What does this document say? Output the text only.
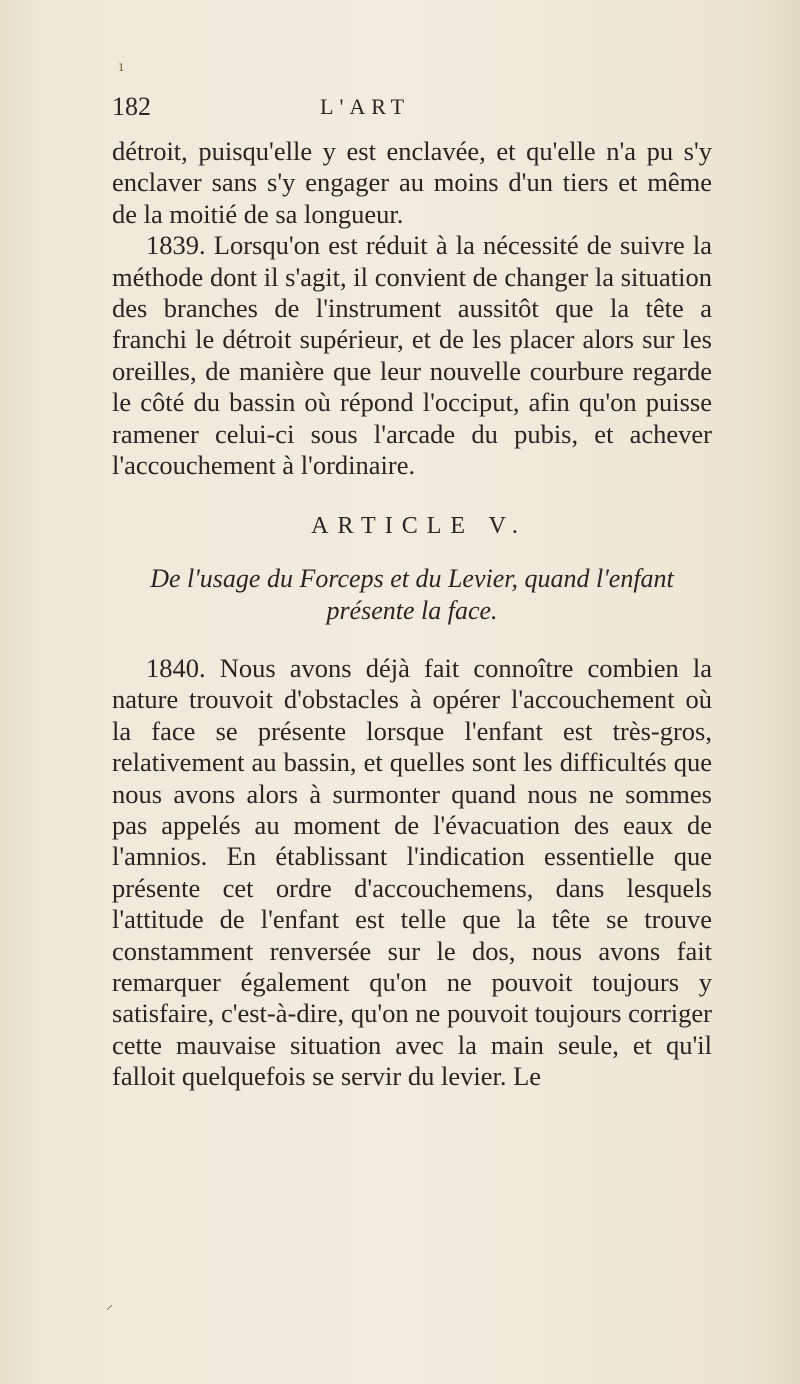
ı
182	L'ART

détroit, puisqu'elle y est enclavée, et qu'elle n'a pu s'y enclaver sans s'y engager au moins d'un tiers et même de la moitié de sa longueur.

1839. Lorsqu'on est réduit à la nécessité de suivre la méthode dont il s'agit, il convient de changer la situation des branches de l'instrument aussitôt que la tête a franchi le détroit supérieur, et de les placer alors sur les oreilles, de manière que leur nouvelle courbure regarde le côté du bassin où répond l'occiput, afin qu'on puisse ramener celui-ci sous l'arcade du pubis, et achever l'accouchement à l'ordinaire.

ARTICLE V.
De l'usage du Forceps et du Levier, quand l'enfant présente la face.

1840. Nous avons déjà fait connoître combien la nature trouvoit d'obstacles à opérer l'accouchement où la face se présente lorsque l'enfant est très-gros, relativement au bassin, et quelles sont les difficultés que nous avons alors à surmonter quand nous ne sommes pas appelés au moment de l'évacuation des eaux de l'amnios. En établissant l'indication essentielle que présente cet ordre d'accouchemens, dans lesquels l'attitude de l'enfant est telle que la tête se trouve constamment renversée sur le dos, nous avons fait remarquer également qu'on ne pouvoit toujours y satisfaire, c'est-à-dire, qu'on ne pouvoit toujours corriger cette mauvaise situation avec la main seule, et qu'il falloit quelquefois se servir du levier. Le

⸝
